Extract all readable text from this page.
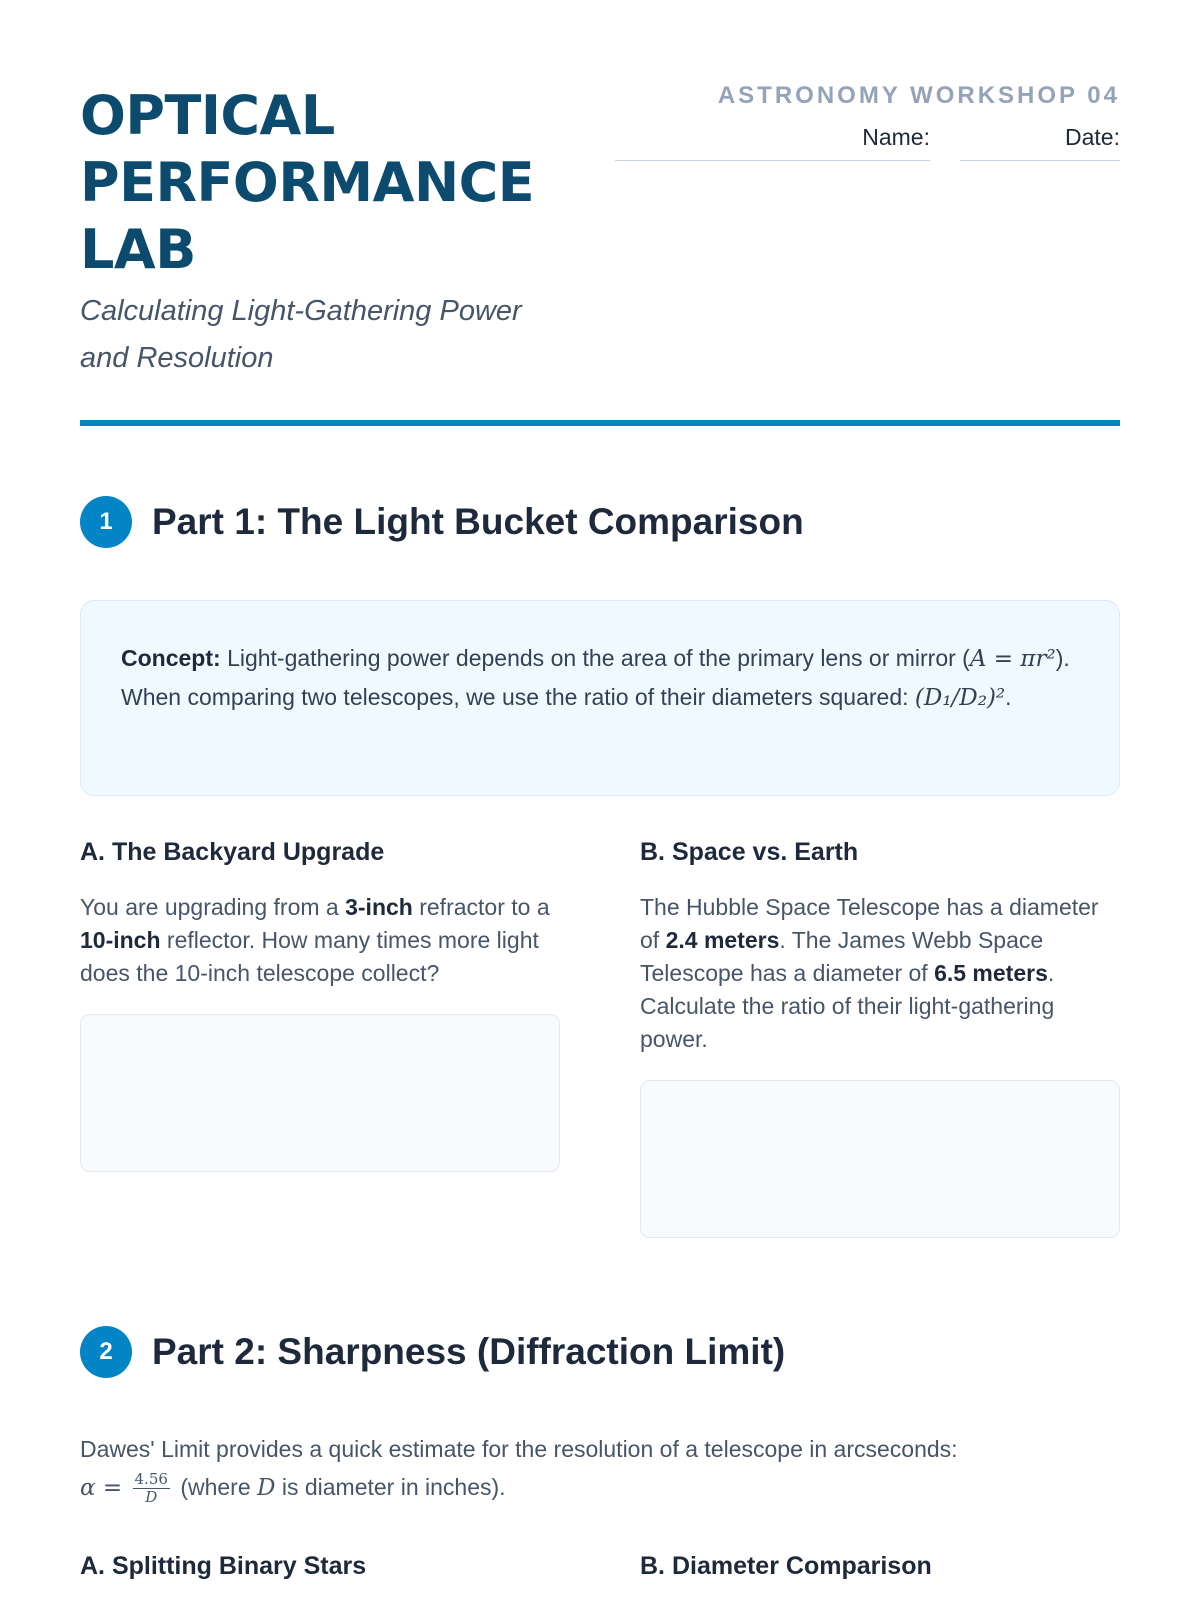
OPTICAL
PERFORMANCE
LAB
Calculating Light-Gathering Power
and Resolution
ASTRONOMY WORKSHOP 04
Name:	Date:
1	Part 1: The Light Bucket Comparison
Concept: Light-gathering power depends on the area of the primary lens or mirror (A = πr²). When comparing two telescopes, we use the ratio of their diameters squared: (D₁/D₂)².
A. The Backyard Upgrade
You are upgrading from a 3-inch refractor to a 10-inch reflector. How many times more light does the 10-inch telescope collect?
B. Space vs. Earth
The Hubble Space Telescope has a diameter of 2.4 meters. The James Webb Space Telescope has a diameter of 6.5 meters. Calculate the ratio of their light-gathering power.
2	Part 2: Sharpness (Diffraction Limit)
Dawes' Limit provides a quick estimate for the resolution of a telescope in arcseconds:
$\alpha = \frac{4.56}{D}$ (where D is diameter in inches).
A. Splitting Binary Stars	B. Diameter Comparison
